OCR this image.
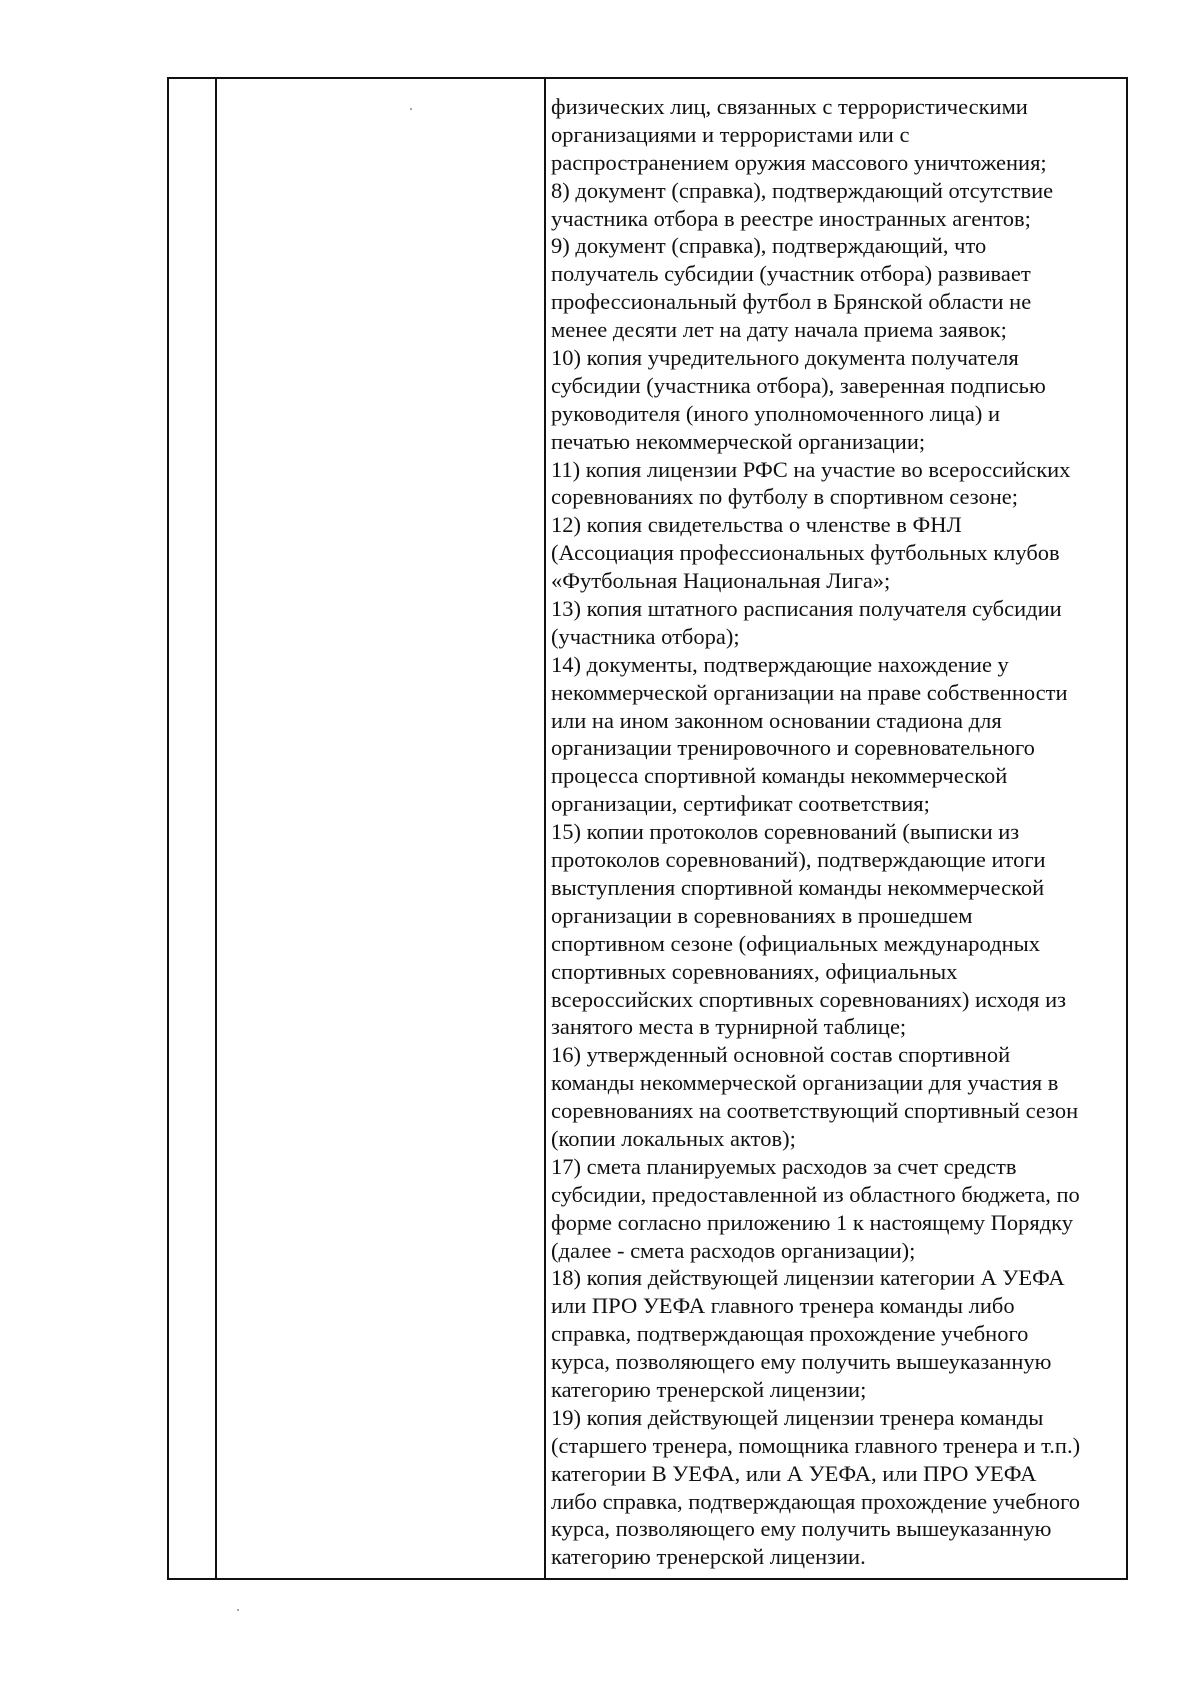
физических лиц, связанных с террористическими
организациями и террористами или с
распространением оружия массового уничтожения;
8) документ (справка), подтверждающий отсутствие
участника отбора в реестре иностранных агентов;
9) документ (справка), подтверждающий, что
получатель субсидии (участник отбора) развивает
профессиональный футбол в Брянской области не
менее десяти лет на дату начала приема заявок;
10) копия учредительного документа получателя
субсидии (участника отбора), заверенная подписью
руководителя (иного уполномоченного лица) и
печатью некоммерческой организации;
11) копия лицензии РФС на участие во всероссийских
соревнованиях по футболу в спортивном сезоне;
12) копия свидетельства о членстве в ФНЛ
(Ассоциация профессиональных футбольных клубов
«Футбольная Национальная Лига»;
13) копия штатного расписания получателя субсидии
(участника отбора);
14) документы, подтверждающие нахождение у
некоммерческой организации на праве собственности
или на ином законном основании стадиона для
организации тренировочного и соревновательного
процесса спортивной команды некоммерческой
организации, сертификат соответствия;
15) копии протоколов соревнований (выписки из
протоколов соревнований), подтверждающие итоги
выступления спортивной команды некоммерческой
организации в соревнованиях в прошедшем
спортивном сезоне (официальных международных
спортивных соревнованиях, официальных
всероссийских спортивных соревнованиях) исходя из
занятого места в турнирной таблице;
16) утвержденный основной состав спортивной
команды некоммерческой организации для участия в
соревнованиях на соответствующий спортивный сезон
(копии локальных актов);
17) смета планируемых расходов за счет средств
субсидии, предоставленной из областного бюджета, по
форме согласно приложению 1 к настоящему Порядку
(далее - смета расходов организации);
18) копия действующей лицензии категории А УЕФА
или ПРО УЕФА главного тренера команды либо
справка, подтверждающая прохождение учебного
курса, позволяющего ему получить вышеуказанную
категорию тренерской лицензии;
19) копия действующей лицензии тренера команды
(старшего тренера, помощника главного тренера и т.п.)
категории В УЕФА, или А УЕФА, или ПРО УЕФА
либо справка, подтверждающая прохождение учебного
курса, позволяющего ему получить вышеуказанную
категорию тренерской лицензии.
